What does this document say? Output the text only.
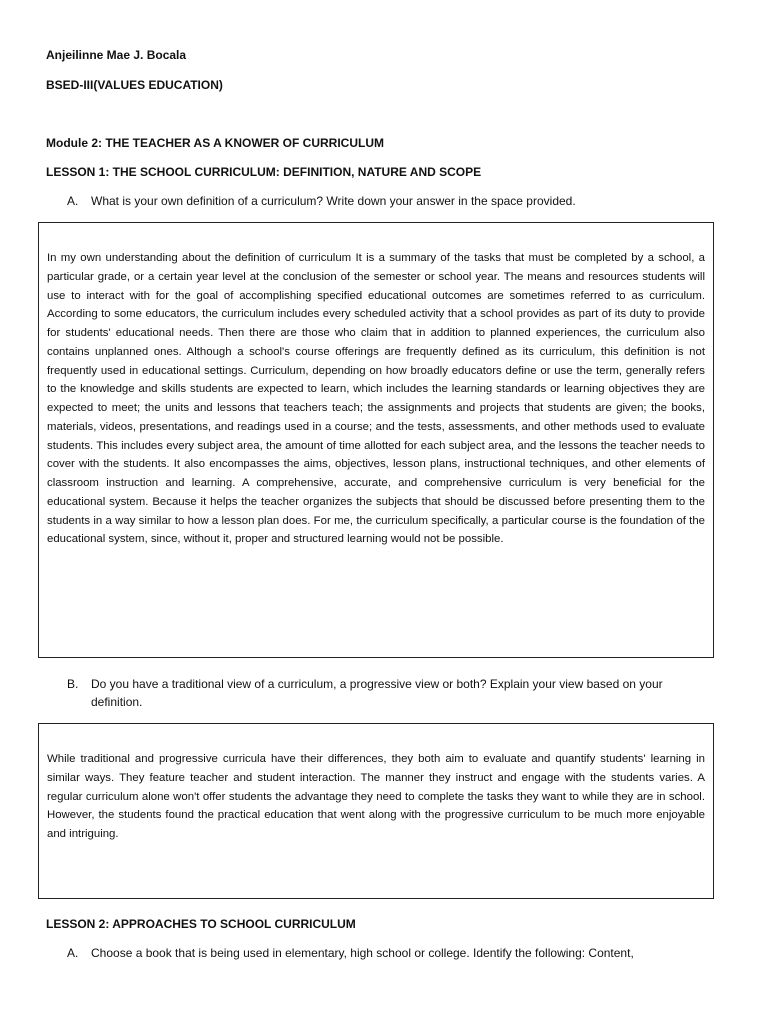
Anjeilinne Mae J. Bocala
BSED-III(VALUES EDUCATION)
Module 2: THE TEACHER AS A KNOWER OF CURRICULUM
LESSON 1: THE SCHOOL CURRICULUM: DEFINITION, NATURE AND SCOPE
A. What is your own definition of a curriculum? Write down your answer in the space provided.

In my own understanding about the definition of curriculum It is a summary of the tasks that must be completed by a school, a particular grade, or a certain year level at the conclusion of the semester or school year. The means and resources students will use to interact with for the goal of accomplishing specified educational outcomes are sometimes referred to as curriculum. According to some educators, the curriculum includes every scheduled activity that a school provides as part of its duty to provide for students' educational needs. Then there are those who claim that in addition to planned experiences, the curriculum also contains unplanned ones. Although a school's course offerings are frequently defined as its curriculum, this definition is not frequently used in educational settings. Curriculum, depending on how broadly educators define or use the term, generally refers to the knowledge and skills students are expected to learn, which includes the learning standards or learning objectives they are expected to meet; the units and lessons that teachers teach; the assignments and projects that students are given; the books, materials, videos, presentations, and readings used in a course; and the tests, assessments, and other methods used to evaluate students. This includes every subject area, the amount of time allotted for each subject area, and the lessons the teacher needs to cover with the students. It also encompasses the aims, objectives, lesson plans, instructional techniques, and other elements of classroom instruction and learning. A comprehensive, accurate, and comprehensive curriculum is very beneficial for the educational system. Because it helps the teacher organizes the subjects that should be discussed before presenting them to the students in a way similar to how a lesson plan does. For me, the curriculum specifically, a particular course is the foundation of the educational system, since, without it, proper and structured learning would not be possible.

B. Do you have a traditional view of a curriculum, a progressive view or both? Explain your view based on your definition.

While traditional and progressive curricula have their differences, they both aim to evaluate and quantify students' learning in similar ways. They feature teacher and student interaction. The manner they instruct and engage with the students varies. A regular curriculum alone won't offer students the advantage they need to complete the tasks they want to while they are in school. However, the students found the practical education that went along with the progressive curriculum to be much more enjoyable and intriguing.

LESSON 2: APPROACHES TO SCHOOL CURRICULUM
A. Choose a book that is being used in elementary, high school or college. Identify the following: Content,
